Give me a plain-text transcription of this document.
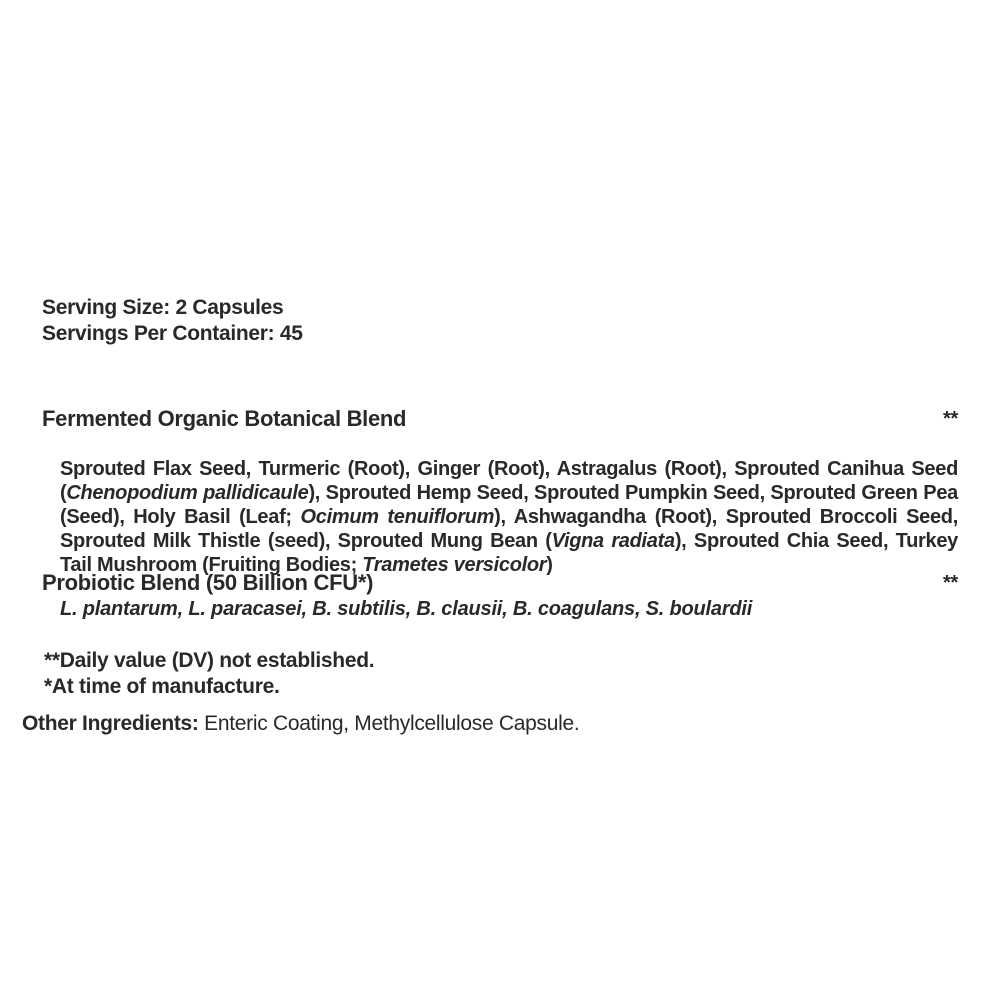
Serving Size: 2 Capsules
Servings Per Container: 45
Fermented Organic Botanical Blend	**

Sprouted Flax Seed, Turmeric (Root), Ginger (Root), Astragalus (Root), Sprouted Canihua Seed (Chenopodium pallidicaule), Sprouted Hemp Seed, Sprouted Pumpkin Seed, Sprouted Green Pea (Seed), Holy Basil (Leaf; Ocimum tenuiflorum), Ashwagandha (Root), Sprouted Broccoli Seed, Sprouted Milk Thistle (seed), Sprouted Mung Bean (Vigna radiata), Sprouted Chia Seed, Turkey Tail Mushroom (Fruiting Bodies; Trametes versicolor)

Probiotic Blend (50 Billion CFU*)	**
L. plantarum, L. paracasei, B. subtilis, B. clausii, B. coagulans, S. boulardii
**Daily value (DV) not established.
*At time of manufacture.
Other Ingredients: Enteric Coating, Methylcellulose Capsule.
